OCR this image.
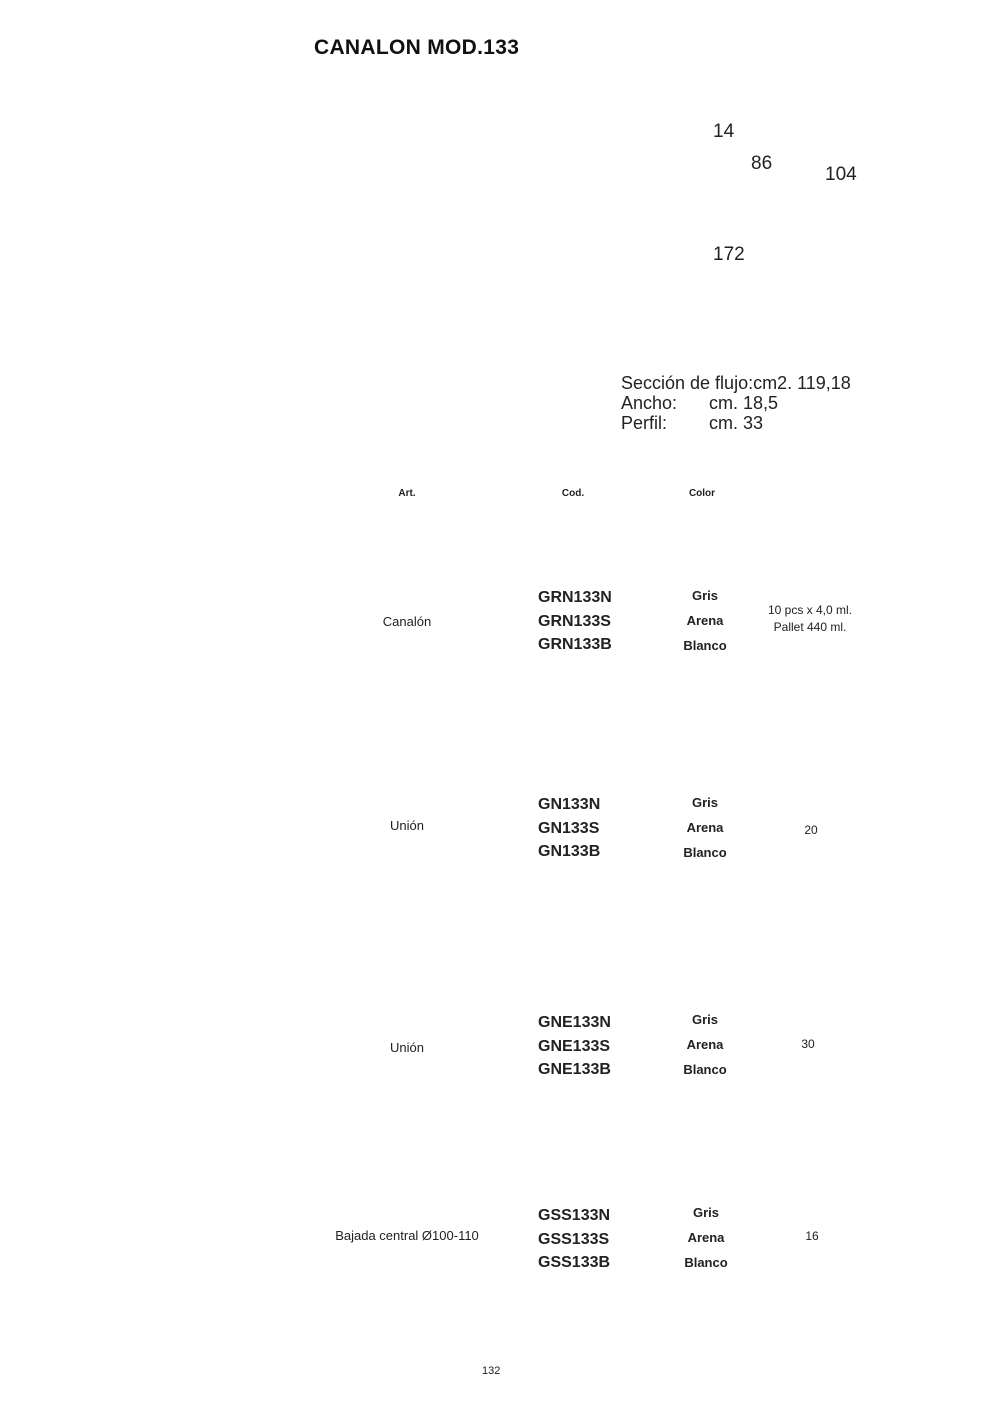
CANALON MOD.133
14
86
104
172
Sección de flujo:cm2. 119,18
Ancho: cm. 18,5
Perfil: cm. 33
Art.	Cod.	Color
Canalón
GRN133N
GRN133S
GRN133B
Gris
Arena
Blanco
10 pcs x 4,0 ml.
Pallet 440 ml.
Unión
GN133N
GN133S
GN133B
Gris
Arena
Blanco
20
Unión
GNE133N
GNE133S
GNE133B
Gris
Arena
Blanco
30
Bajada central Ø100-110
GSS133N
GSS133S
GSS133B
Gris
Arena
Blanco
16
132
